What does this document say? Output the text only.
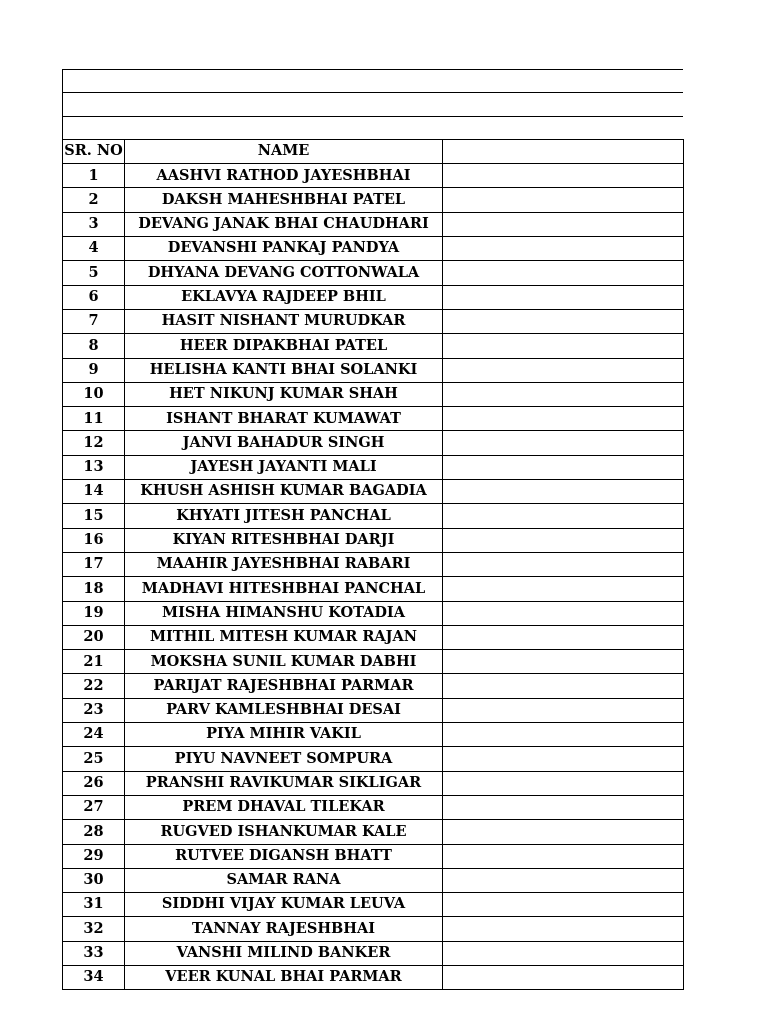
SR. NO	NAME	
1	AASHVI RATHOD JAYESHBHAI	
2	DAKSH MAHESHBHAI PATEL	
3	DEVANG JANAK BHAI CHAUDHARI	
4	DEVANSHI PANKAJ PANDYA	
5	DHYANA DEVANG COTTONWALA	
6	EKLAVYA RAJDEEP BHIL	
7	HASIT NISHANT MURUDKAR	
8	HEER DIPAKBHAI PATEL	
9	HELISHA KANTI BHAI SOLANKI	
10	HET NIKUNJ KUMAR SHAH	
11	ISHANT BHARAT KUMAWAT	
12	JANVI BAHADUR SINGH	
13	JAYESH JAYANTI MALI	
14	KHUSH ASHISH KUMAR BAGADIA	
15	KHYATI JITESH PANCHAL	
16	KIYAN RITESHBHAI DARJI	
17	MAAHIR JAYESHBHAI RABARI	
18	MADHAVI HITESHBHAI PANCHAL	
19	MISHA HIMANSHU KOTADIA	
20	MITHIL MITESH KUMAR RAJAN	
21	MOKSHA SUNIL KUMAR DABHI	
22	PARIJAT RAJESHBHAI PARMAR	
23	PARV KAMLESHBHAI DESAI	
24	PIYA MIHIR VAKIL	
25	PIYU NAVNEET SOMPURA	
26	PRANSHI RAVIKUMAR SIKLIGAR	
27	PREM DHAVAL TILEKAR	
28	RUGVED ISHANKUMAR KALE	
29	RUTVEE DIGANSH BHATT	
30	SAMAR RANA	
31	SIDDHI VIJAY KUMAR LEUVA	
32	TANNAY RAJESHBHAI	
33	VANSHI MILIND BANKER	
34	VEER KUNAL BHAI PARMAR	
